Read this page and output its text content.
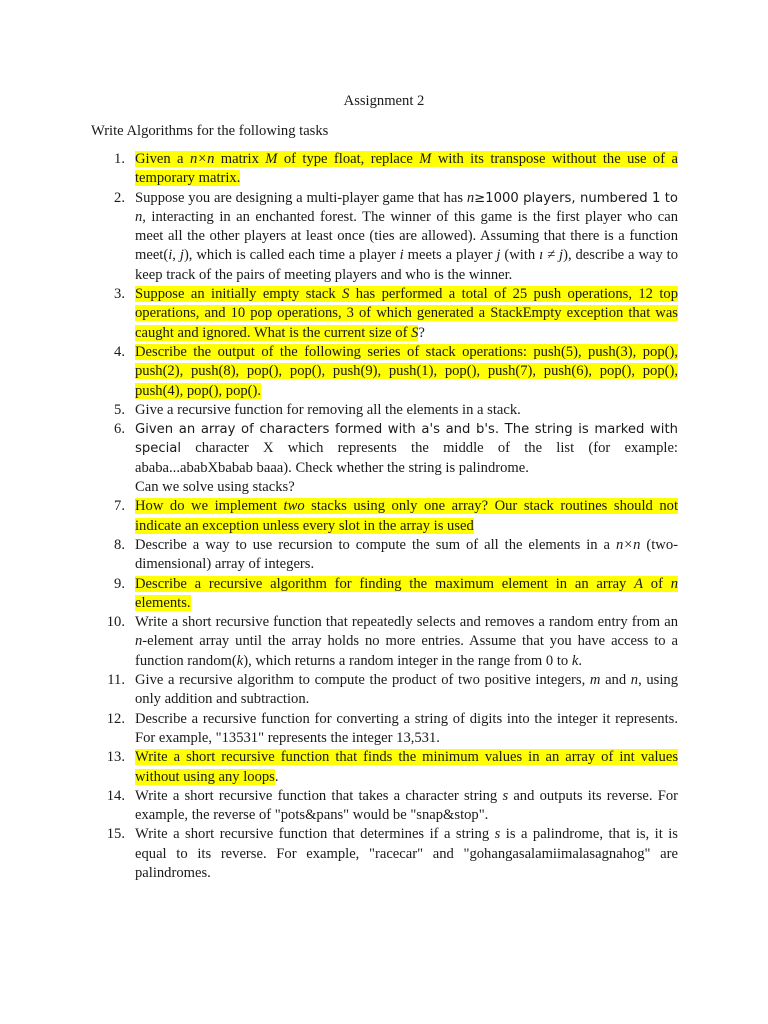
Assignment 2
Write Algorithms for the following tasks
1. Given a n×n matrix M of type float, replace M with its transpose without the use of a temporary matrix.
2. Suppose you are designing a multi-player game that has n≥1000 players, numbered 1 to n, interacting in an enchanted forest. The winner of this game is the first player who can meet all the other players at least once (ties are allowed). Assuming that there is a function meet(i, j), which is called each time a player i meets a player j (with ı ≠ j), describe a way to keep track of the pairs of meeting players and who is the winner.
3. Suppose an initially empty stack S has performed a total of 25 push operations, 12 top operations, and 10 pop operations, 3 of which generated a StackEmpty exception that was caught and ignored. What is the current size of S?
4. Describe the output of the following series of stack operations: push(5), push(3), pop(), push(2), push(8), pop(), pop(), push(9), push(1), pop(), push(7), push(6), pop(), pop(), push(4), pop(), pop().
5. Give a recursive function for removing all the elements in a stack.
6. Given an array of characters formed with a's and b's. The string is marked with special character X which represents the middle of the list (for example: ababa...ababXbabab baaa). Check whether the string is palindrome.
Can we solve using stacks?
7. How do we implement two stacks using only one array? Our stack routines should not indicate an exception unless every slot in the array is used
8. Describe a way to use recursion to compute the sum of all the elements in a n×n (two-dimensional) array of integers.
9. Describe a recursive algorithm for finding the maximum element in an array A of n elements.
10. Write a short recursive function that repeatedly selects and removes a random entry from an n-element array until the array holds no more entries. Assume that you have access to a function random(k), which returns a random integer in the range from 0 to k.
11. Give a recursive algorithm to compute the product of two positive integers, m and n, using only addition and subtraction.
12. Describe a recursive function for converting a string of digits into the integer it represents. For example, "13531" represents the integer 13,531.
13. Write a short recursive function that finds the minimum values in an array of int values without using any loops.
14. Write a short recursive function that takes a character string s and outputs its reverse. For example, the reverse of "pots&pans" would be "snap&stop".
15. Write a short recursive function that determines if a string s is a palindrome, that is, it is equal to its reverse. For example, "racecar" and "gohangasalamiimalasagnahog" are palindromes.
